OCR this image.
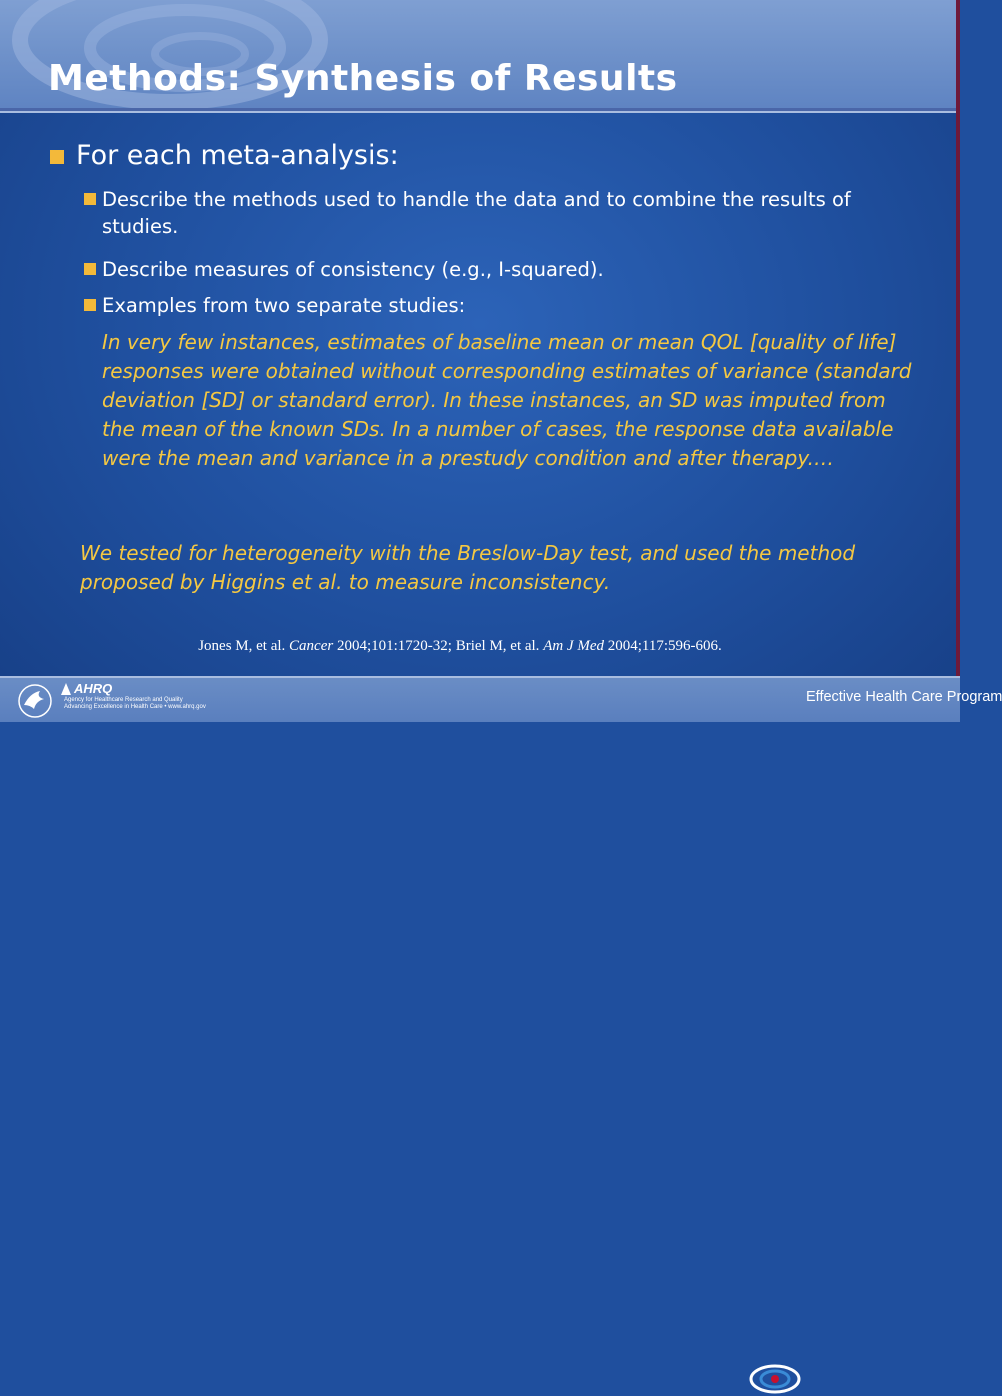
Methods: Synthesis of Results
For each meta-analysis:
Describe the methods used to handle the data and to combine the results of studies.
Describe measures of consistency (e.g., I-squared).
Examples from two separate studies:
In very few instances, estimates of baseline mean or mean QOL [quality of life] responses were obtained without corresponding estimates of variance (standard deviation [SD] or standard error). In these instances, an SD was imputed from the mean of the known SDs. In a number of cases, the response data available were the mean and variance in a prestudy condition and after therapy.…
We tested for heterogeneity with the Breslow-Day test, and used the method proposed by Higgins et al. to measure inconsistency.
Jones M, et al. Cancer 2004;101:1720-32; Briel M, et al. Am J Med 2004;117:596-606.
AHRQ
Agency for Healthcare Research and Quality
Advancing Excellence in Health Care • www.ahrq.gov
Effective Health Care Program
